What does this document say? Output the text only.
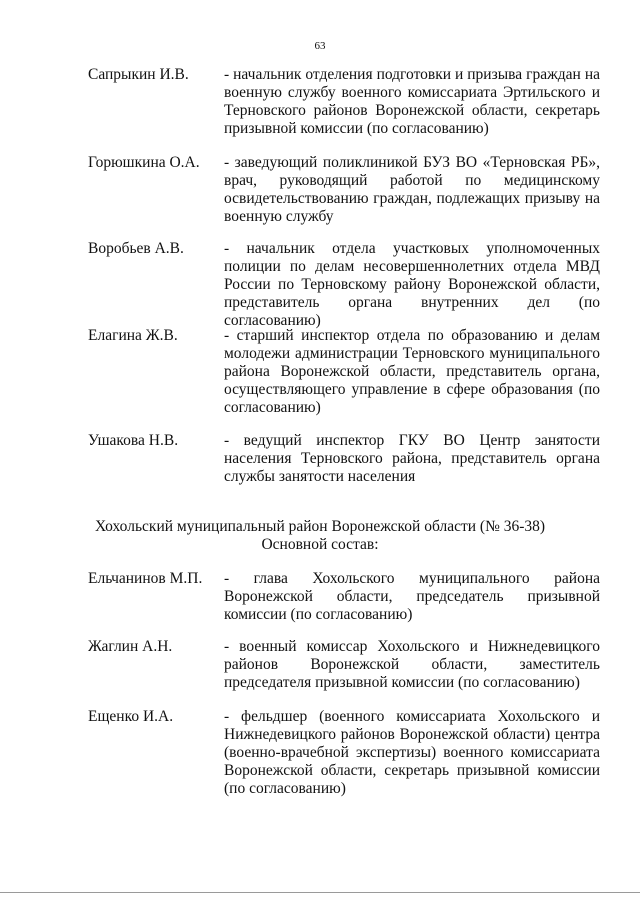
63
Сапрыкин И.В.	- начальник отделения подготовки и призыва граждан на военную службу военного комиссариата Эртильского и Терновского районов Воронежской области, секретарь призывной комиссии (по согласованию)
Горюшкина О.А.	- заведующий поликлиникой БУЗ ВО «Терновская РБ», врач, руководящий работой по медицинскому освидетельствованию граждан, подлежащих призыву на военную службу
Воробьев А.В.	- начальник отдела участковых уполномоченных полиции по делам несовершеннолетних отдела МВД России по Терновскому району Воронежской области, представитель органа внутренних дел (по согласованию)
Елагина Ж.В.	- старший инспектор отдела по образованию и делам молодежи администрации Терновского муниципального района Воронежской области, представитель органа, осуществляющего управление в сфере образования (по согласованию)
Ушакова Н.В.	- ведущий инспектор ГКУ ВО Центр занятости населения Терновского района, представитель органа службы занятости населения
Хохольский муниципальный район Воронежской области (№ 36-38)
Основной состав:
Ельчанинов М.П.	- глава Хохольского муниципального района Воронежской области, председатель призывной комиссии (по согласованию)
Жаглин А.Н.	- военный комиссар Хохольского и Нижнедевицкого районов Воронежской области, заместитель председателя призывной комиссии (по согласованию)
Ещенко И.А.	- фельдшер (военного комиссариата Хохольского и Нижнедевицкого районов Воронежской области) центра (военно-врачебной экспертизы) военного комиссариата Воронежской области, секретарь призывной комиссии (по согласованию)
